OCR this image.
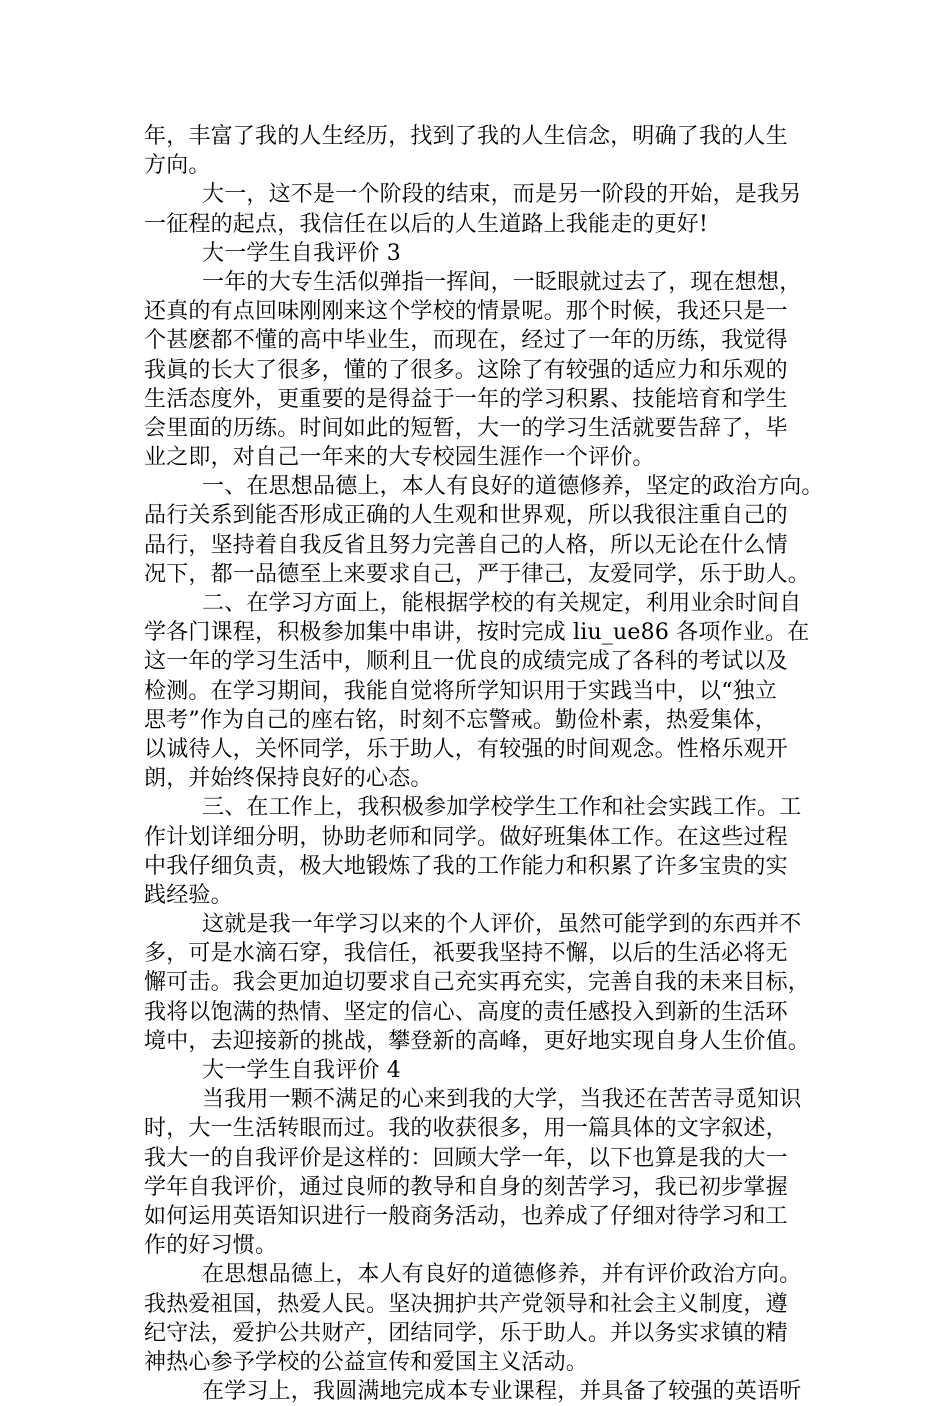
年，丰富了我的人生经历，找到了我的人生信念，明确了我的人生
方向。
大一，这不是一个阶段的结束，而是另一阶段的开始，是我另
一征程的起点，我信任在以后的人生道路上我能走的更好!
大一学生自我评价 3
一年的大专生活似弹指一挥间，一眨眼就过去了，现在想想，
还真的有点回味刚刚来这个学校的情景呢。那个时候，我还只是一
个甚麽都不懂的高中毕业生，而现在，经过了一年的历练，我觉得
我眞的长大了很多，懂的了很多。这除了有较强的适应力和乐观的
生活态度外，更重要的是得益于一年的学习积累、技能培育和学生
会里面的历练。时间如此的短暂，大一的学习生活就要告辞了，毕
业之即，对自己一年来的大专校园生涯作一个评价。
一、在思想品德上，本人有良好的道德修养，坚定的政治方向。
品行关系到能否形成正确的人生观和世界观，所以我很注重自己的
品行，坚持着自我反省且努力完善自己的人格，所以无论在什么情
况下，都一品德至上来要求自己，严于律己，友爱同学，乐于助人。
二、在学习方面上，能根据学校的有关规定，利用业余时间自
学各门课程，积极参加集中串讲，按时完成 liu_ue86 各项作业。在
这一年的学习生活中，顺利且一优良的成绩完成了各科的考试以及
检测。在学习期间，我能自觉将所学知识用于实践当中，以“独立
思考”作为自己的座右铭，时刻不忘警戒。勤俭朴素，热爱集体，
以诚待人，关怀同学，乐于助人，有较强的时间观念。性格乐观开
朗，并始终保持良好的心态。
三、在工作上，我积极参加学校学生工作和社会实践工作。工
作计划详细分明，协助老师和同学。做好班集体工作。在这些过程
中我仔细负责，极大地锻炼了我的工作能力和积累了许多宝贵的实
践经验。
这就是我一年学习以来的个人评价，虽然可能学到的东西并不
多，可是水滴石穿，我信任，祇要我坚持不懈，以后的生活必将无
懈可击。我会更加迫切要求自己充实再充实，完善自我的未来目标，
我将以饱满的热情、坚定的信心、高度的责任感投入到新的生活环
境中，去迎接新的挑战，攀登新的高峰，更好地实现自身人生价值。
大一学生自我评价 4
当我用一颗不满足的心来到我的大学，当我还在苦苦寻觅知识
时，大一生活转眼而过。我的收获很多，用一篇具体的文字叙述，
我大一的自我评价是这样的：回顾大学一年，以下也算是我的大一
学年自我评价，通过良师的教导和自身的刻苦学习，我已初步掌握
如何运用英语知识进行一般商务活动，也养成了仔细对待学习和工
作的好习惯。
在思想品德上，本人有良好的道德修养，并有评价政治方向。
我热爱祖国，热爱人民。坚决拥护共产党领导和社会主义制度，遵
纪守法，爱护公共财产，团结同学，乐于助人。并以务实求镇的精
神热心参予学校的公益宣传和爱国主义活动。
在学习上，我圆满地完成本专业课程，并具备了较强的英语听
